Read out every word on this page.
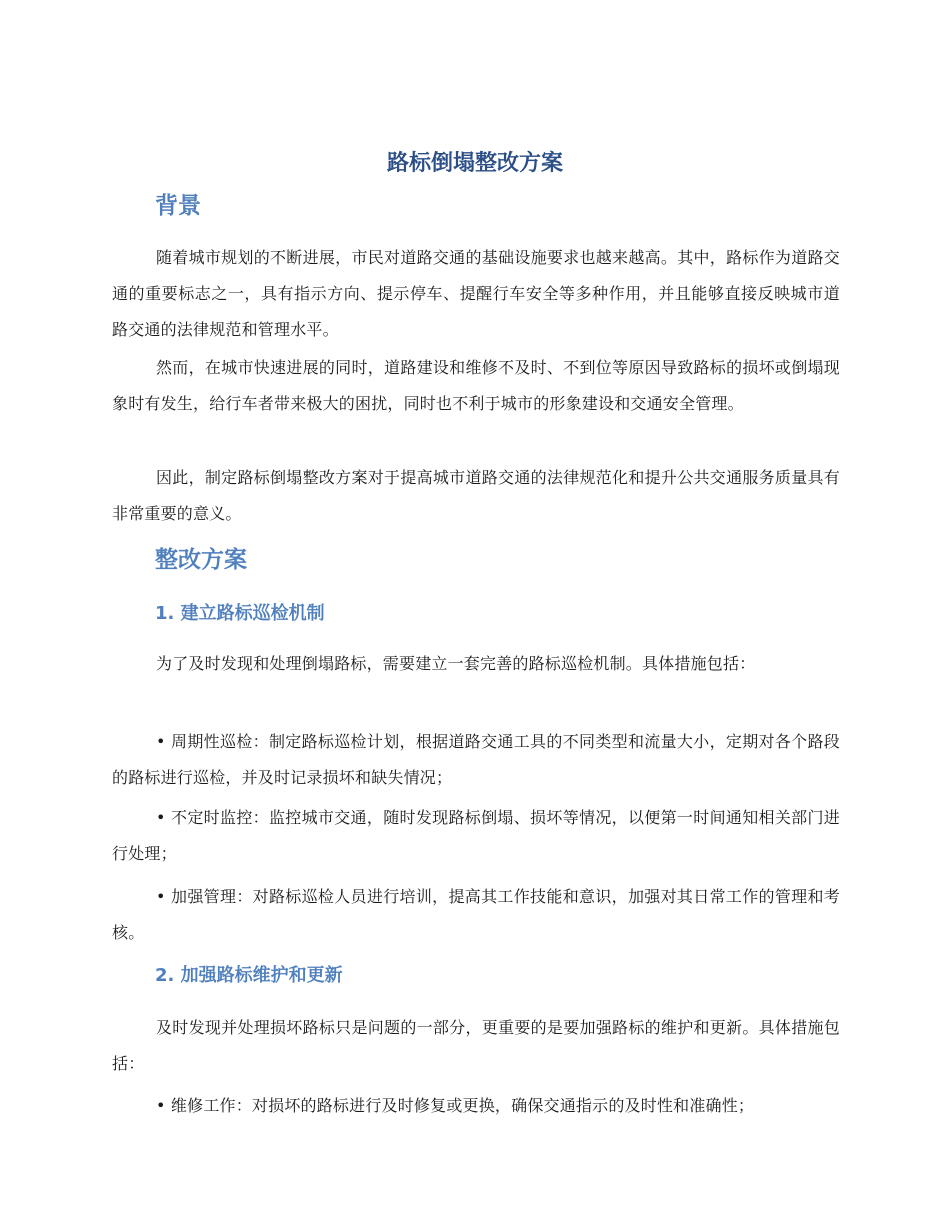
路标倒塌整改方案
背景
随着城市规划的不断进展，市民对道路交通的基础设施要求也越来越高。其中，路标作为道路交通的重要标志之一，具有指示方向、提示停车、提醒行车安全等多种作用，并且能够直接反映城市道路交通的法律规范和管理水平。
然而，在城市快速进展的同时，道路建设和维修不及时、不到位等原因导致路标的损坏或倒塌现象时有发生，给行车者带来极大的困扰，同时也不利于城市的形象建设和交通安全管理。
因此，制定路标倒塌整改方案对于提高城市道路交通的法律规范化和提升公共交通服务质量具有非常重要的意义。
整改方案
1. 建立路标巡检机制
为了及时发现和处理倒塌路标，需要建立一套完善的路标巡检机制。具体措施包括：
• 周期性巡检：制定路标巡检计划，根据道路交通工具的不同类型和流量大小，定期对各个路段的路标进行巡检，并及时记录损坏和缺失情况；
• 不定时监控：监控城市交通，随时发现路标倒塌、损坏等情况，以便第一时间通知相关部门进行处理；
• 加强管理：对路标巡检人员进行培训，提高其工作技能和意识，加强对其日常工作的管理和考核。
2. 加强路标维护和更新
及时发现并处理损坏路标只是问题的一部分，更重要的是要加强路标的维护和更新。具体措施包括：
• 维修工作：对损坏的路标进行及时修复或更换，确保交通指示的及时性和准确性；
